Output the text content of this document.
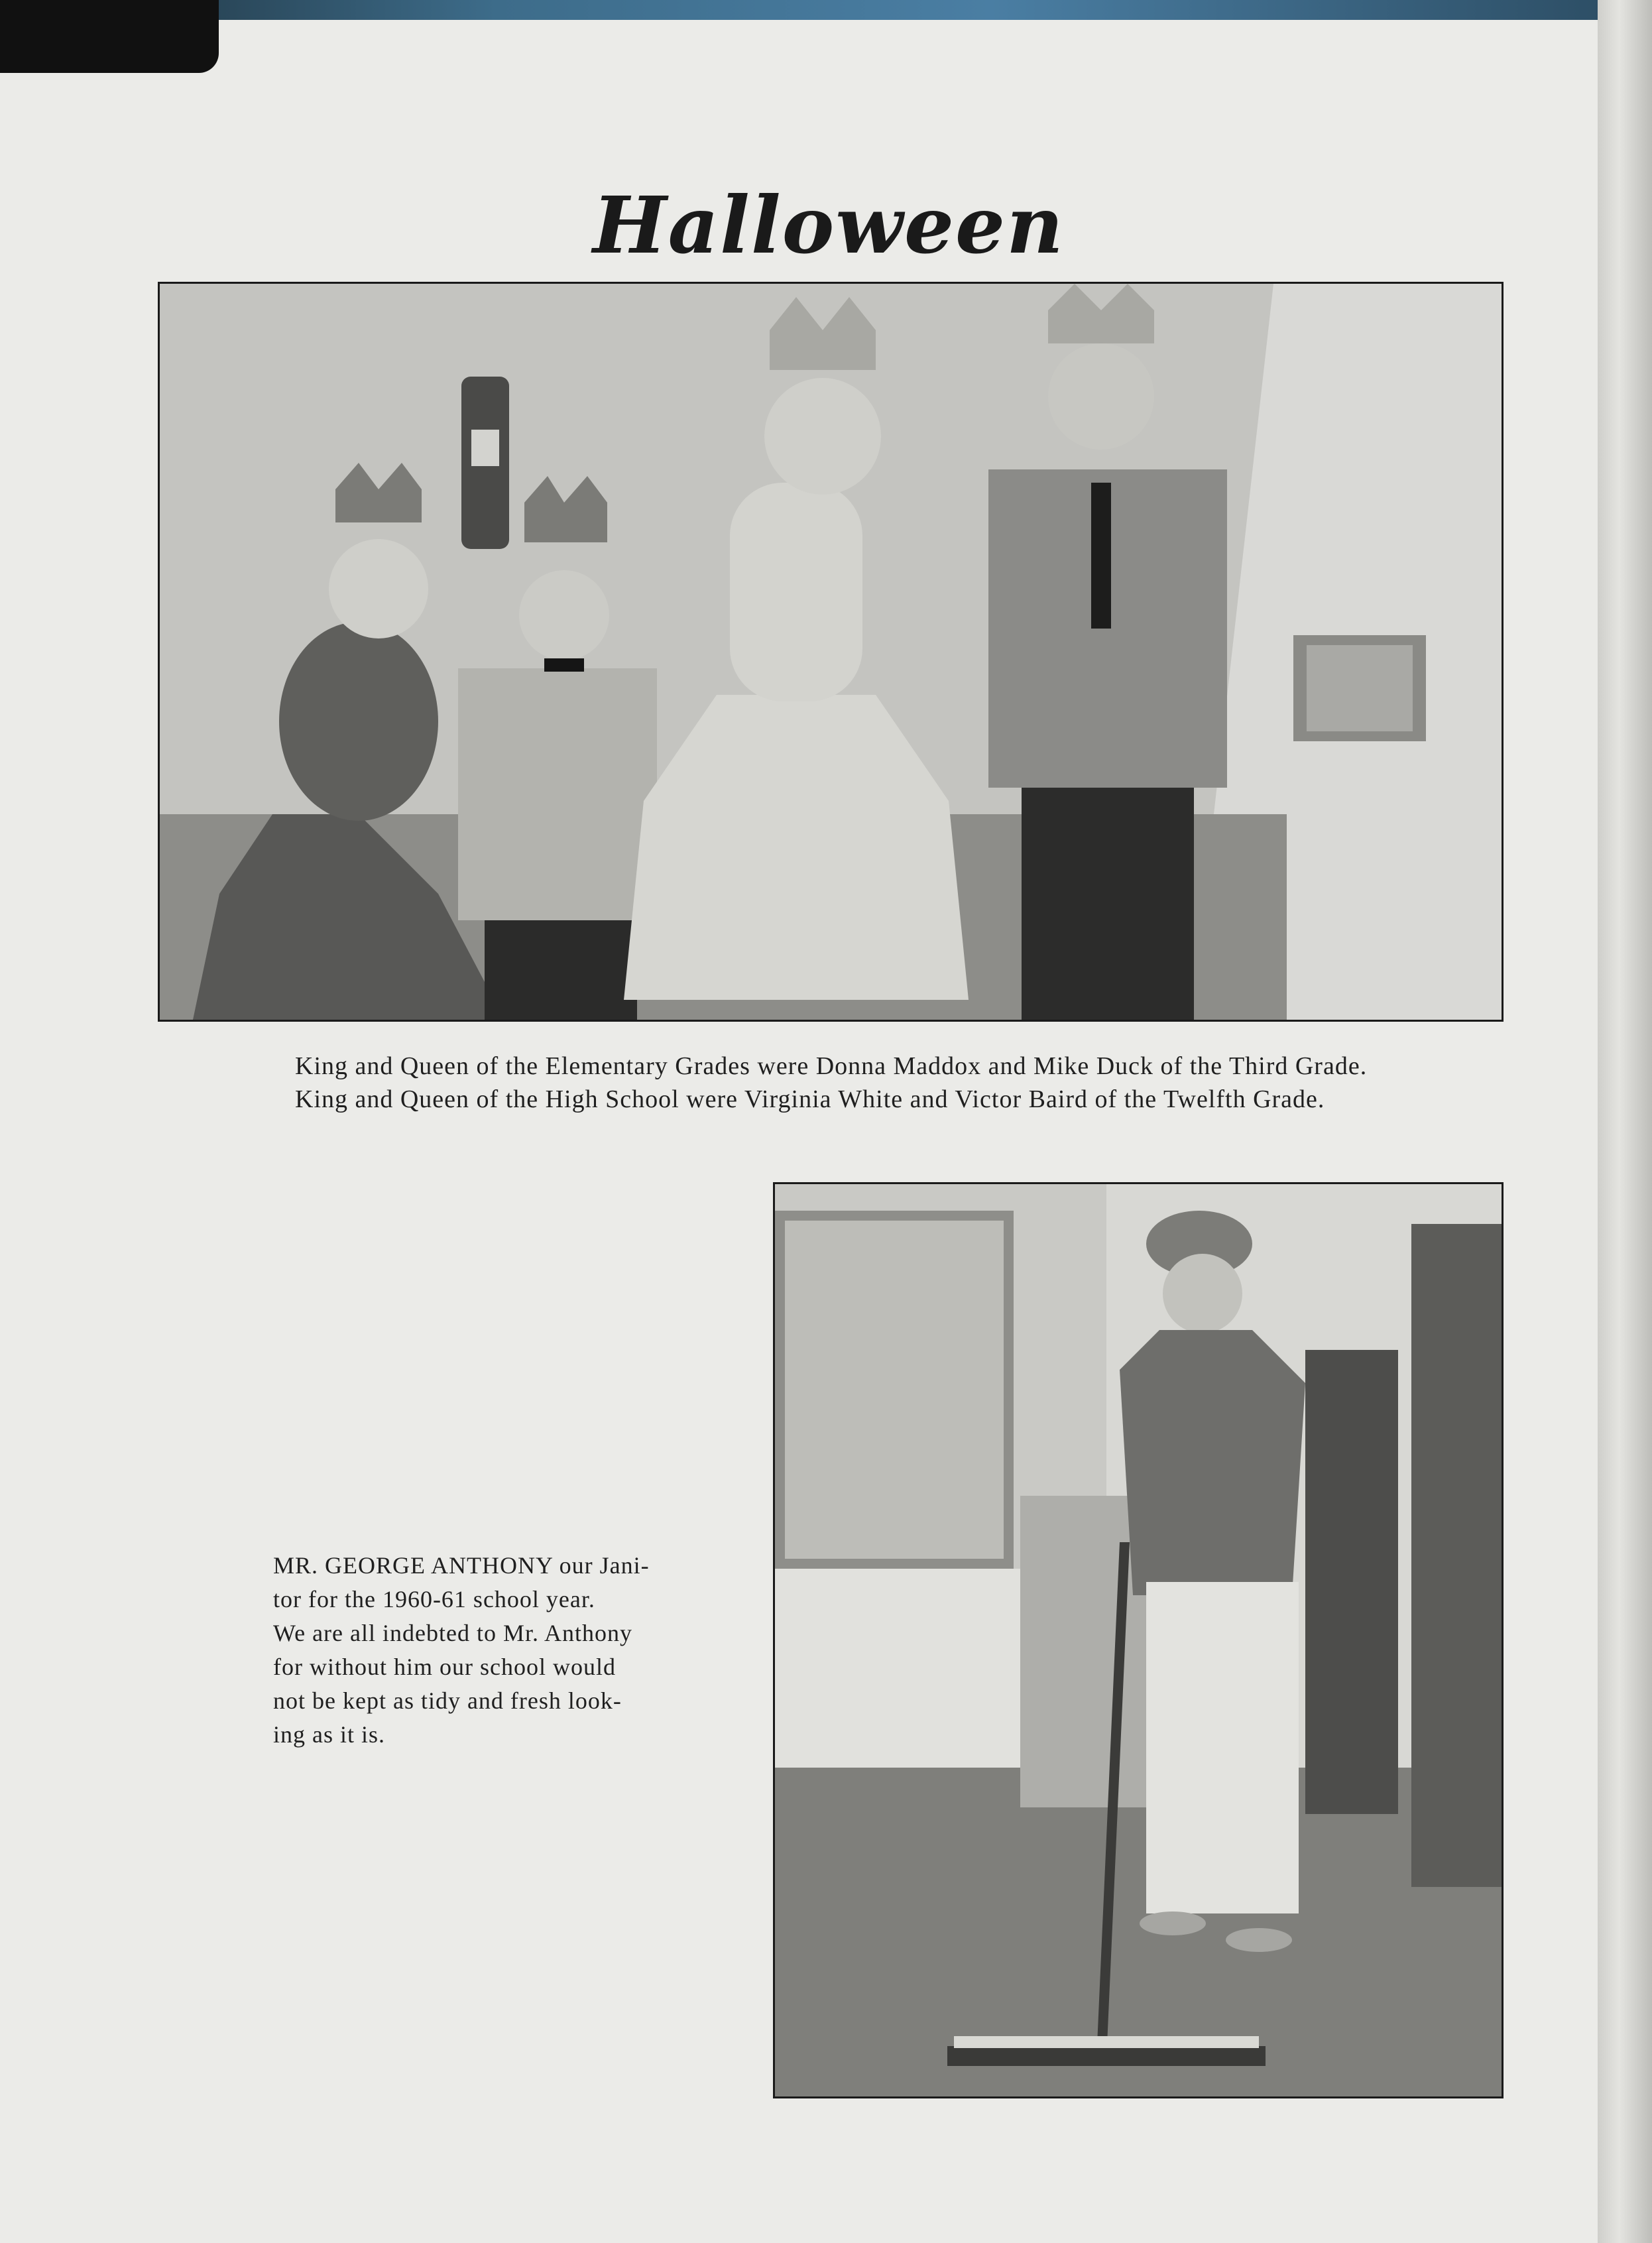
Halloween
King and Queen of the Elementary Grades were Donna Maddox and Mike Duck of the Third Grade. King and Queen of the High School were Virginia White and Victor Baird of the Twelfth Grade.
MR. GEORGE ANTHONY our Jani-
tor for the 1960-61 school year.
We are all indebted to Mr. Anthony
for without him our school would
not be kept as tidy and fresh look-
ing as it is.
